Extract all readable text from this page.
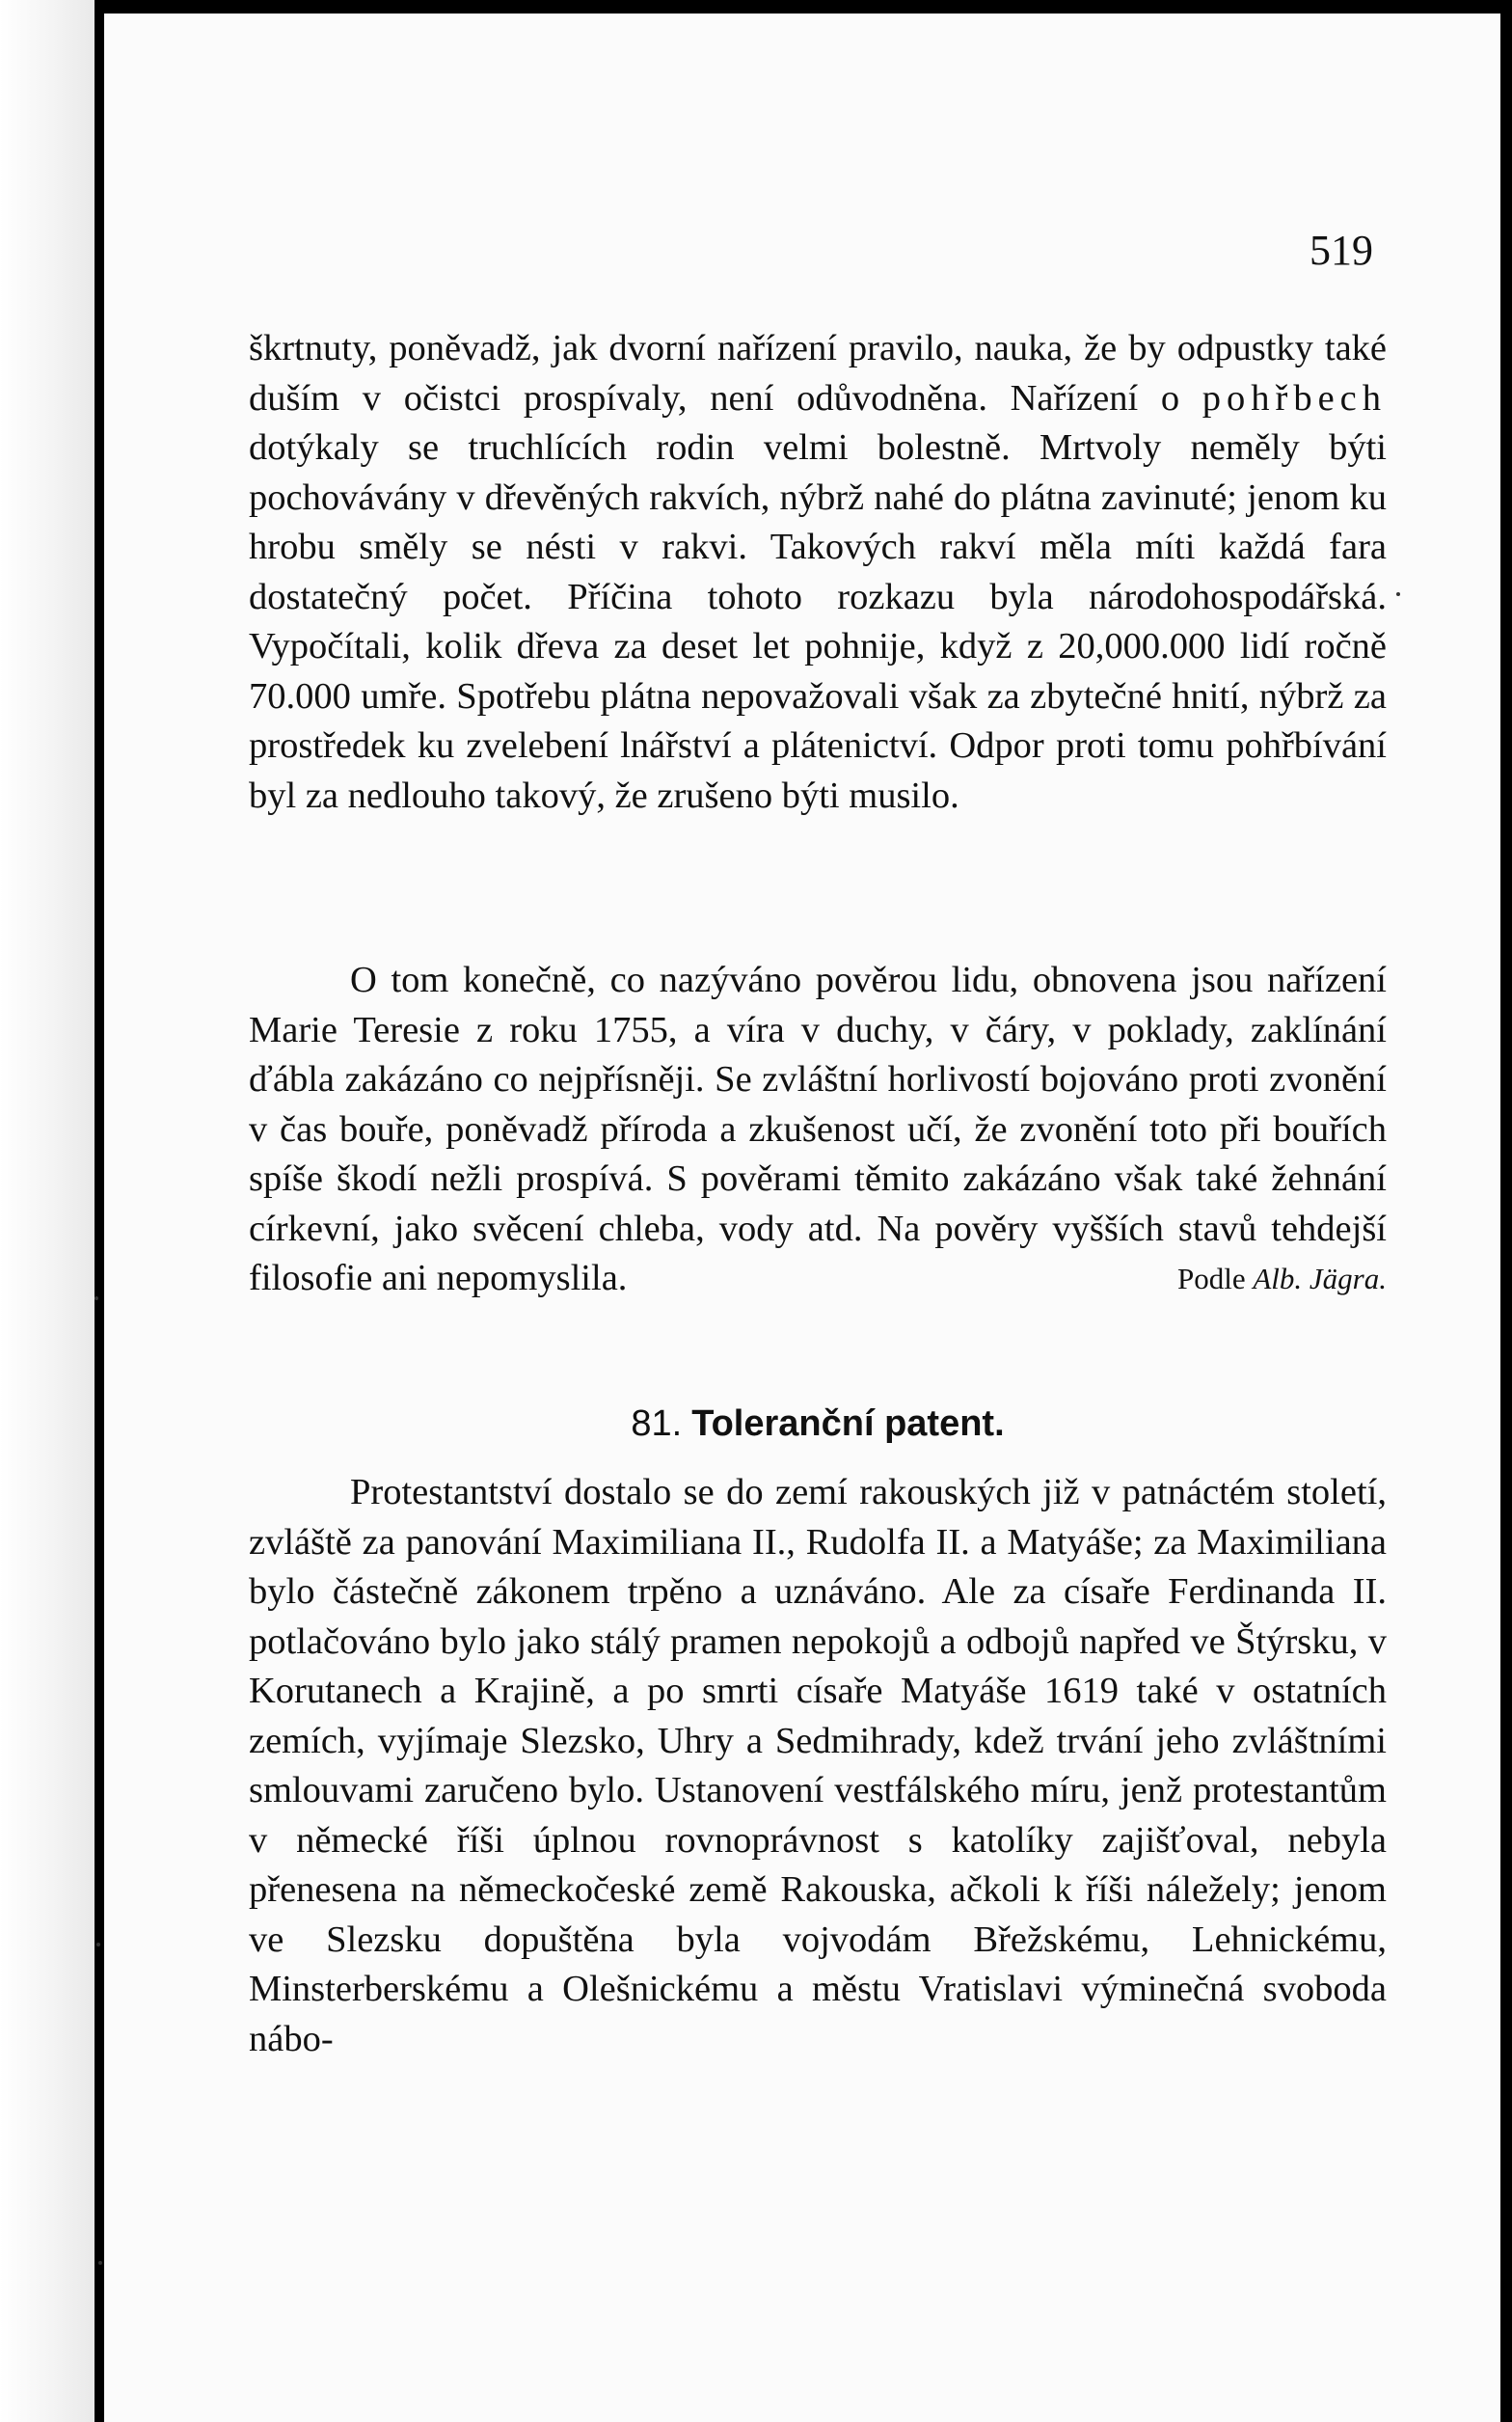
519

škrtnuty, poněvadž, jak dvorní nařízení pravilo, nauka, že by odpustky také duším v očistci prospívaly, není odůvodněna. Nařízení o pohřbech dotýkaly se truchlících rodin velmi bolestně. Mrtvoly neměly býti pochovávány v dřevěných rakvích, nýbrž nahé do plátna zavinuté; jenom ku hrobu směly se nésti v rakvi. Takových rakví měla míti každá fara dostatečný počet. Příčina tohoto rozkazu byla národohospodářská. Vypočítali, kolik dřeva za deset let pohnije, když z 20,000.000 lidí ročně 70.000 umře. Spotřebu plátna nepovažovali však za zbytečné hnití, nýbrž za prostředek ku zvelebení lnářství a plátenictví. Odpor proti tomu pohřbívání byl za nedlouho takový, že zrušeno býti musilo.

O tom konečně, co nazýváno pověrou lidu, obnovena jsou nařízení Marie Teresie z roku 1755, a víra v duchy, v čáry, v poklady, zaklínání ďábla zakázáno co nejpřísněji. Se zvláštní horlivostí bojováno proti zvonění v čas bouře, poněvadž příroda a zkušenost učí, že zvonění toto při bouřích spíše škodí nežli prospívá. S pověrami těmito zakázáno však také žehnání církevní, jako svěcení chleba, vody atd. Na pověry vyšších stavů tehdejší filosofie ani nepomyslila.	Podle Alb. Jägra.

81. Toleranční patent.

Protestantství dostalo se do zemí rakouských již v patnáctém století, zvláště za panování Maximiliana II., Rudolfa II. a Matyáše; za Maximiliana bylo částečně zákonem trpěno a uznáváno. Ale za císaře Ferdinanda II. potlačováno bylo jako stálý pramen nepokojů a odbojů napřed ve Štýrsku, v Korutanech a Krajině, a po smrti císaře Matyáše 1619 také v ostatních zemích, vyjímaje Slezsko, Uhry a Sedmihrady, kdež trvání jeho zvláštními smlouvami zaručeno bylo. Ustanovení vestfálského míru, jenž protestantům v německé říši úplnou rovnoprávnost s katolíky zajišťoval, nebyla přenesena na německočeské země Rakouska, ačkoli k říši náležely; jenom ve Slezsku dopuštěna byla vojvodám Břežskému, Lehnickému, Minsterberskému a Olešnickému a městu Vratislavi výminečná svoboda nábo-
